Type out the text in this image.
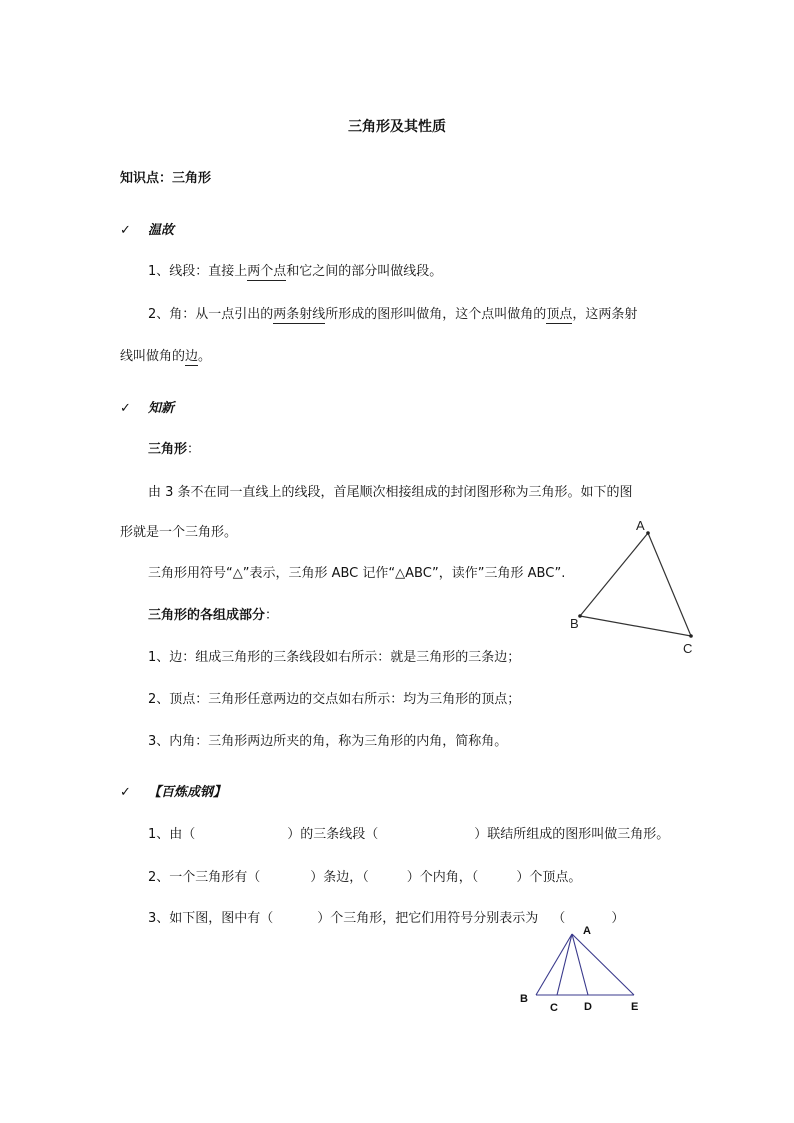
三角形及其性质
知识点：三角形
✓ 温故
1、线段：直接上两个点和它之间的部分叫做线段。
2、角：从一点引出的两条射线所形成的图形叫做角，这个点叫做角的顶点，这两条射
线叫做角的边。
✓ 知新
三角形：
由 3 条不在同一直线上的线段，首尾顺次相接组成的封闭图形称为三角形。如下的图
形就是一个三角形。
三角形用符号“△”表示，三角形 ABC 记作“△ABC”，读作”三角形 ABC”.
三角形的各组成部分：
1、边：组成三角形的三条线段如右所示：就是三角形的三条边；
2、顶点：三角形任意两边的交点如右所示：均为三角形的顶点；
3、内角：三角形两边所夹的角，称为三角形的内角，简称角。
A
B
C
✓ 【百炼成钢】
1、由（	）的三条线段（	）联结所组成的图形叫做三角形。
2、一个三角形有（	）条边，（	）个内角，（	）个顶点。
3、如下图，图中有（	）个三角形，把它们用符号分别表示为 （	）
A
B
C D	E
